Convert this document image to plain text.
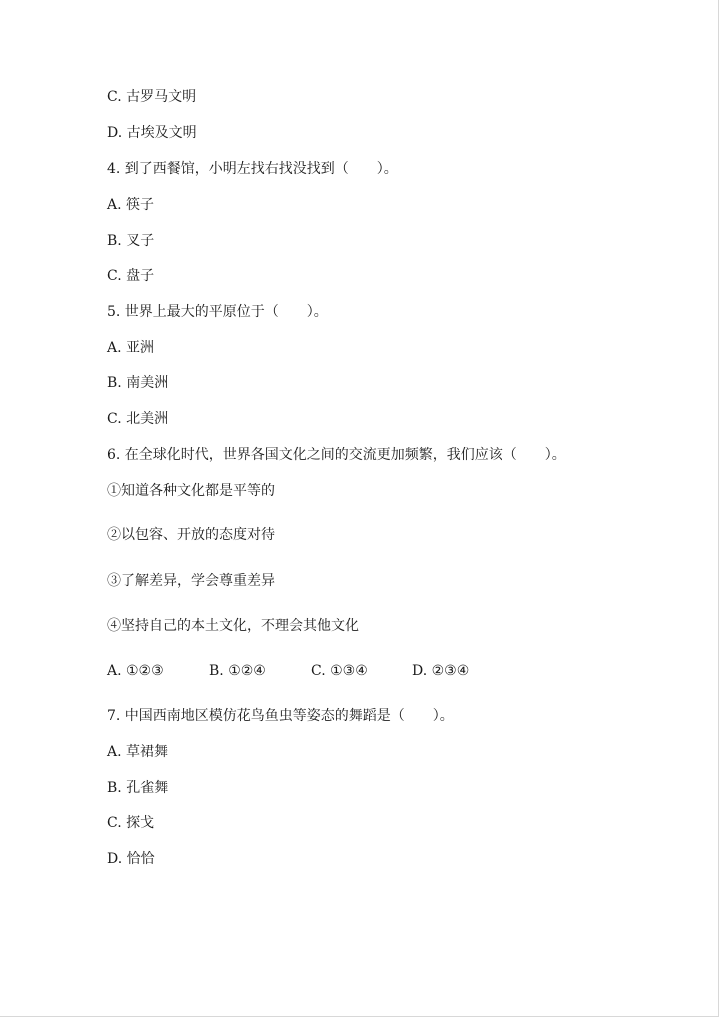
C. 古罗马文明
D. 古埃及文明
4. 到了西餐馆，小明左找右找没找到（　　）。
A. 筷子
B. 叉子
C. 盘子
5. 世界上最大的平原位于（　　）。
A. 亚洲
B. 南美洲
C. 北美洲
6. 在全球化时代，世界各国文化之间的交流更加频繁，我们应该（　　）。
①知道各种文化都是平等的
②以包容、开放的态度对待
③了解差异，学会尊重差异
④坚持自己的本土文化，不理会其他文化
A. ①②③	B. ①②④	C. ①③④	D. ②③④
7. 中国西南地区模仿花鸟鱼虫等姿态的舞蹈是（　　）。
A. 草裙舞
B. 孔雀舞
C. 探戈
D. 恰恰
